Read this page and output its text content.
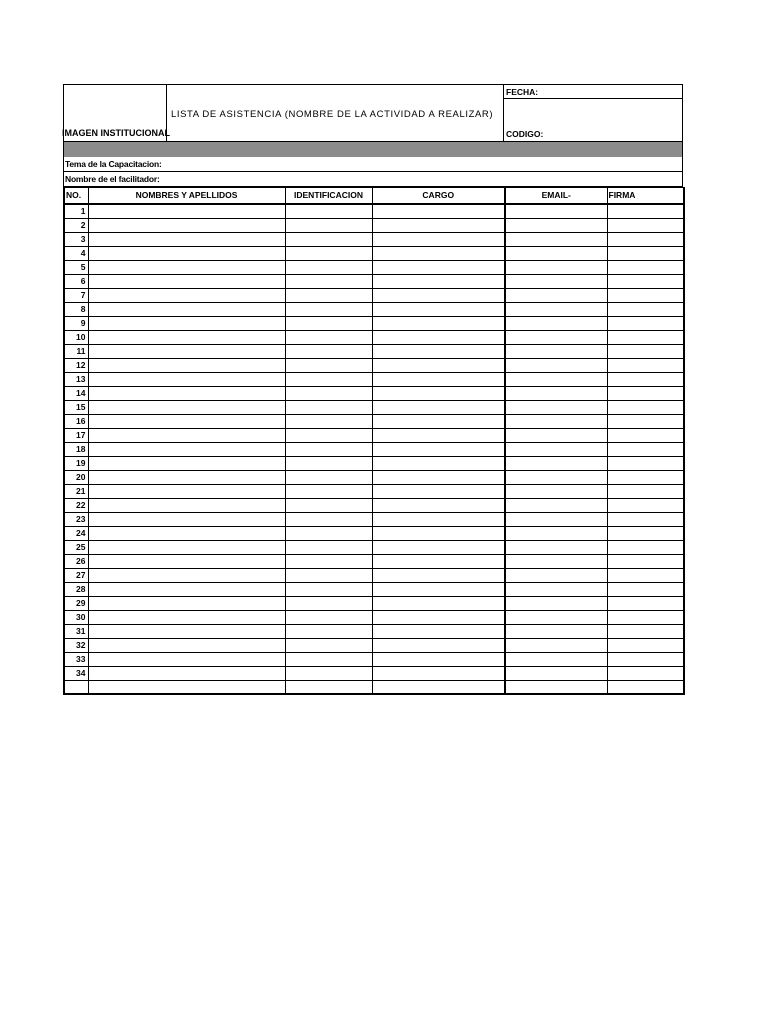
IMAGEN INSTITUCIONAL
LISTA DE ASISTENCIA (NOMBRE DE LA ACTIVIDAD A REALIZAR)
FECHA:
CODIGO:
Tema de la Capacitacion:
Nombre de el facilitador:
NO.	NOMBRES Y APELLIDOS	IDENTIFICACION	CARGO	EMAIL-	FIRMA
1					
2					
3					
4					
5					
6					
7					
8					
9					
10					
11					
12					
13					
14					
15					
16					
17					
18					
19					
20					
21					
22					
23					
24					
25					
26					
27					
28					
29					
30					
31					
32					
33					
34					
